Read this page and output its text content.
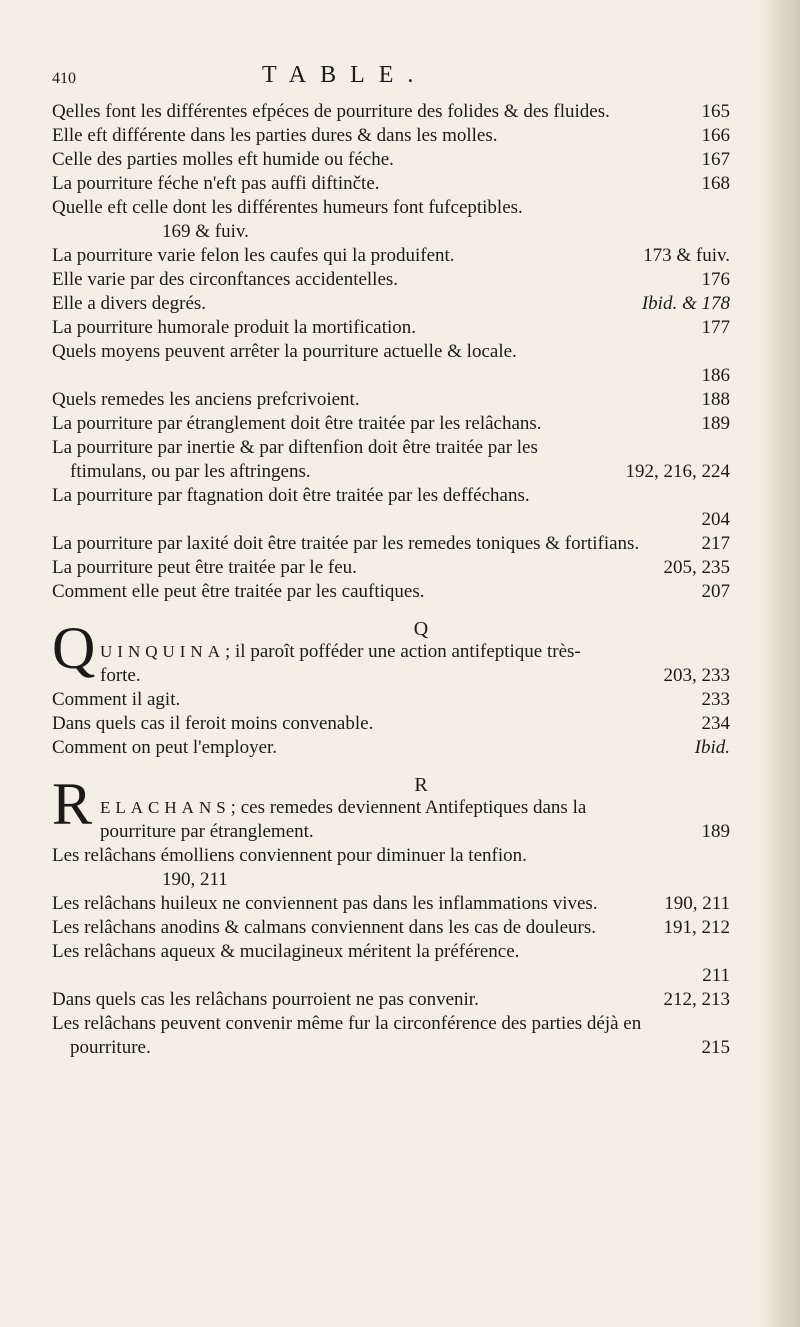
410	TABLE.

Qelles font les différentes efpéces de pourriture des folides & des fluides.	165

Elle eft différente dans les parties dures & dans les molles.	166

Celle des parties molles eft humide ou féche.	167

La pourriture féche n'eft pas auffi diftinčte.	168

Quelle eft celle dont les différentes humeurs font fufceptibles.
169 & fuiv.

La pourriture varie felon les caufes qui la produifent.	173 & fuiv.

Elle varie par des circonftances accidentelles.	176

Elle a divers degrés.	Ibid. & 178

La pourriture humorale produit la mortification.	177

Quels moyens peuvent arrêter la pourriture actuelle & locale.
186

Quels remedes les anciens prefcrivoient.	188

La pourriture par étranglement doit être traitée par les relâchans.	189

La pourriture par inertie & par diftenfion doit être traitée par les ftimulans, ou par les aftringens.	192, 216, 224

La pourriture par ftagnation doit être traitée par les defféchans.
204

La pourriture par laxité doit être traitée par les remedes toniques & fortifians.	217

La pourriture peut être traitée par le feu.	205, 235

Comment elle peut être traitée par les cauftiques.	207

Q	Q

UINQUINA; il paroît pofféder une action antifeptique très-forte.	203, 233

Comment il agit.	233

Dans quels cas il feroit moins convenable.	234

Comment on peut l'employer.	Ibid.

R	R

ELACHANS; ces remedes deviennent Antifeptiques dans la pourriture par étranglement.	189

Les relâchans émolliens conviennent pour diminuer la tenfion.
190, 211

Les relâchans huileux ne conviennent pas dans les inflammations vives.	190, 211

Les relâchans anodins & calmans conviennent dans les cas de douleurs.	191, 212

Les relâchans aqueux & mucilagineux méritent la préférence.
211

Dans quels cas les relâchans pourroient ne pas convenir.	212, 213

Les relâchans peuvent convenir même fur la circonférence des parties déjà en pourriture.	215
